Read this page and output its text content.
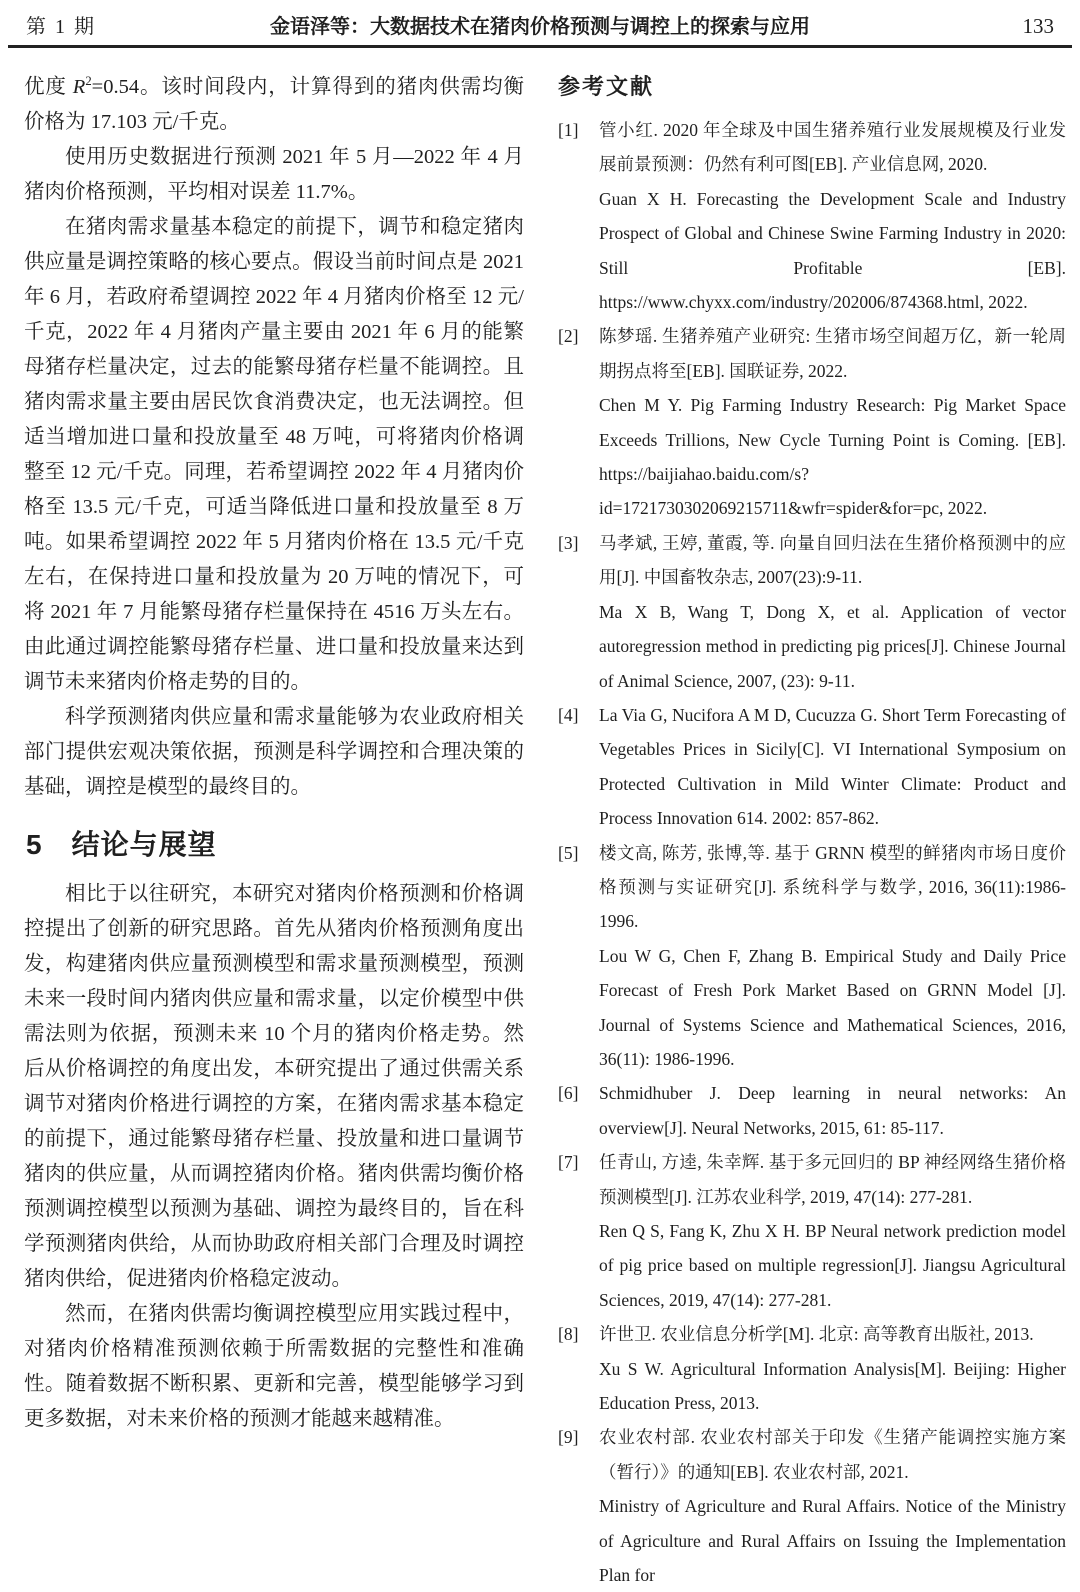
第 1 期	金语泽等：大数据技术在猪肉价格预测与调控上的探索与应用	133

优度 $R^2=0.54$。该时间段内，计算得到的猪肉供需均衡价格为 17.103 元/千克。

使用历史数据进行预测 2021 年 5 月—2022 年 4 月猪肉价格预测，平均相对误差 11.7%。

在猪肉需求量基本稳定的前提下，调节和稳定猪肉供应量是调控策略的核心要点。假设当前时间点是 2021 年 6 月，若政府希望调控 2022 年 4 月猪肉价格至 12 元/千克，2022 年 4 月猪肉产量主要由 2021 年 6 月的能繁母猪存栏量决定，过去的能繁母猪存栏量不能调控。且猪肉需求量主要由居民饮食消费决定，也无法调控。但适当增加进口量和投放量至 48 万吨，可将猪肉价格调整至 12 元/千克。同理，若希望调控 2022 年 4 月猪肉价格至 13.5 元/千克，可适当降低进口量和投放量至 8 万吨。如果希望调控 2022 年 5 月猪肉价格在 13.5 元/千克左右，在保持进口量和投放量为 20 万吨的情况下，可将 2021 年 7 月能繁母猪存栏量保持在 4516 万头左右。由此通过调控能繁母猪存栏量、进口量和投放量来达到调节未来猪肉价格走势的目的。

科学预测猪肉供应量和需求量能够为农业政府相关部门提供宏观决策依据，预测是科学调控和合理决策的基础，调控是模型的最终目的。

5 结论与展望

相比于以往研究，本研究对猪肉价格预测和价格调控提出了创新的研究思路。首先从猪肉价格预测角度出发，构建猪肉供应量预测模型和需求量预测模型，预测未来一段时间内猪肉供应量和需求量，以定价模型中供需法则为依据，预测未来 10 个月的猪肉价格走势。然后从价格调控的角度出发，本研究提出了通过供需关系调节对猪肉价格进行调控的方案，在猪肉需求基本稳定的前提下，通过能繁母猪存栏量、投放量和进口量调节猪肉的供应量，从而调控猪肉价格。猪肉供需均衡价格预测调控模型以预测为基础、调控为最终目的，旨在科学预测猪肉供给，从而协助政府相关部门合理及时调控猪肉供给，促进猪肉价格稳定波动。

然而，在猪肉供需均衡调控模型应用实践过程中，对猪肉价格精准预测依赖于所需数据的完整性和准确性。随着数据不断积累、更新和完善，模型能够学习到更多数据，对未来价格的预测才能越来越精准。

参考文献
[1]	管小红. 2020 年全球及中国生猪养殖行业发展规模及行业发展前景预测：仍然有利可图[EB]. 产业信息网, 2020.

Guan X H. Forecasting the Development Scale and Industry Prospect of Global and Chinese Swine Farming Industry in 2020: Still Profitable [EB]. https://www.chyxx.com/industry/202006/874368.html, 2022.

[2]	陈梦瑶. 生猪养殖产业研究: 生猪市场空间超万亿，新一轮周期拐点将至[EB]. 国联证券, 2022.

Chen M Y. Pig Farming Industry Research: Pig Market Space Exceeds Trillions, New Cycle Turning Point is Coming. [EB]. https://baijiahao.baidu.com/s?id=1721730302069215711&wfr=spider&for=pc, 2022.

[3]	马孝斌, 王婷, 董霞, 等. 向量自回归法在生猪价格预测中的应用[J]. 中国畜牧杂志, 2007(23):9-11.

Ma X B, Wang T, Dong X, et al. Application of vector autoregression method in predicting pig prices[J]. Chinese Journal of Animal Science, 2007, (23): 9-11.

[4]	La Via G, Nucifora A M D, Cucuzza G. Short Term Forecasting of Vegetables Prices in Sicily[C]. VI International Symposium on Protected Cultivation in Mild Winter Climate: Product and Process Innovation 614. 2002: 857-862.

[5]	楼文高, 陈芳, 张博,等. 基于 GRNN 模型的鲜猪肉市场日度价格预测与实证研究[J]. 系统科学与数学, 2016, 36(11):1986-1996.

Lou W G, Chen F, Zhang B. Empirical Study and Daily Price Forecast of Fresh Pork Market Based on GRNN Model [J]. Journal of Systems Science and Mathematical Sciences, 2016, 36(11): 1986-1996.

[6]	Schmidhuber J. Deep learning in neural networks: An overview[J]. Neural Networks, 2015, 61: 85-117.

[7]	任青山, 方逵, 朱幸辉. 基于多元回归的 BP 神经网络生猪价格预测模型[J]. 江苏农业科学, 2019, 47(14): 277-281.

Ren Q S, Fang K, Zhu X H. BP Neural network prediction model of pig price based on multiple regression[J]. Jiangsu Agricultural Sciences, 2019, 47(14): 277-281.

[8]	许世卫. 农业信息分析学[M]. 北京: 高等教育出版社, 2013.

Xu S W. Agricultural Information Analysis[M]. Beijing: Higher Education Press, 2013.

[9]	农业农村部. 农业农村部关于印发《生猪产能调控实施方案（暂行）》的通知[EB]. 农业农村部, 2021.

Ministry of Agriculture and Rural Affairs. Notice of the Ministry of Agriculture and Rural Affairs on Issuing the Implementation Plan for
